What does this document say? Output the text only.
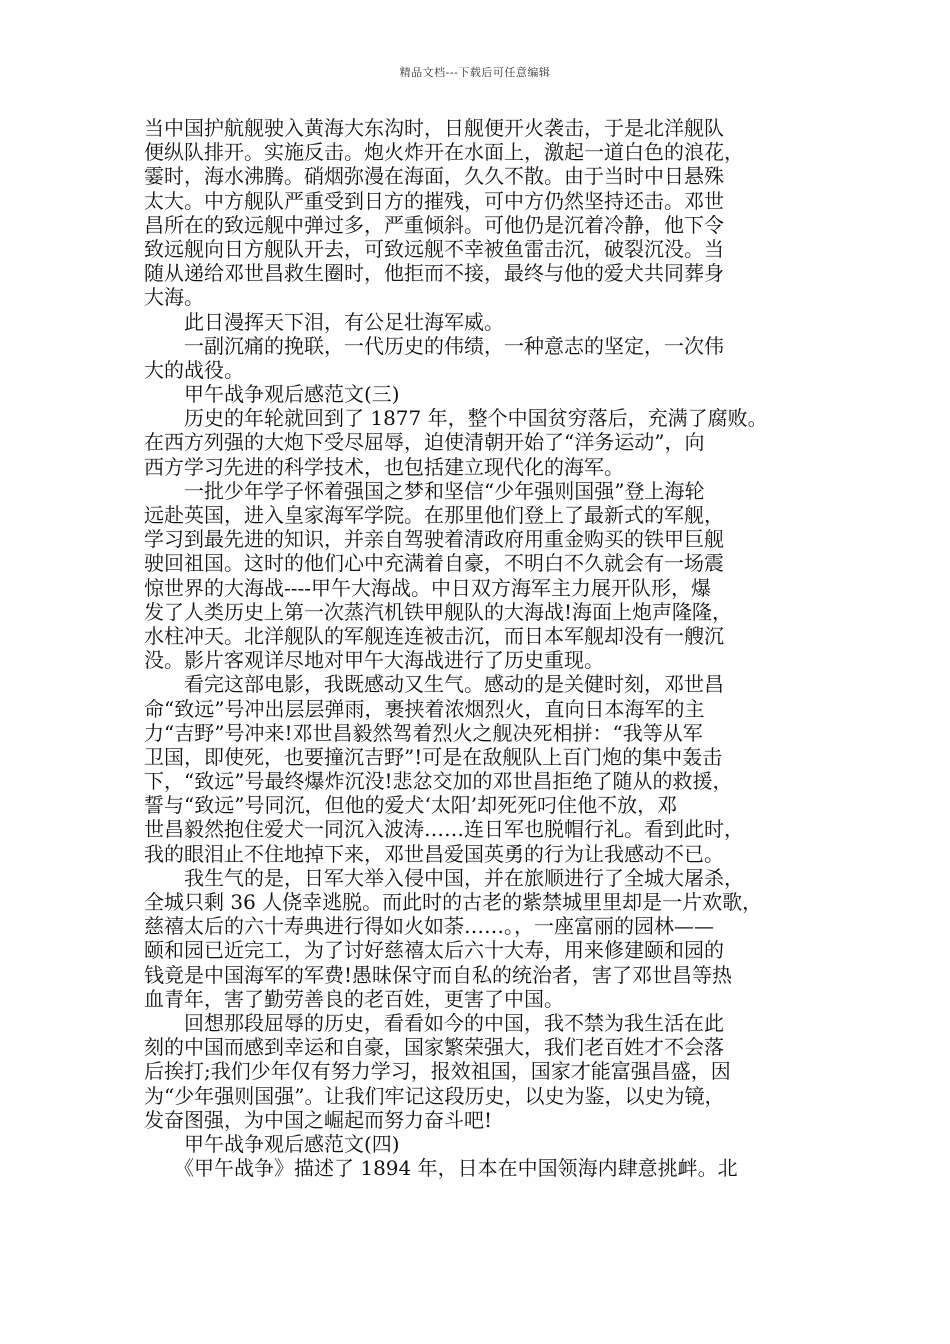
精品文档---下载后可任意编辑
当中国护航舰驶入黄海大东沟时，日舰便开火袭击，于是北洋舰队
便纵队排开。实施反击。炮火炸开在水面上，激起一道白色的浪花，
霎时，海水沸腾。硝烟弥漫在海面，久久不散。由于当时中日悬殊
太大。中方舰队严重受到日方的摧残，可中方仍然坚持还击。邓世
昌所在的致远舰中弹过多，严重倾斜。可他仍是沉着冷静，他下令
致远舰向日方舰队开去，可致远舰不幸被鱼雷击沉，破裂沉没。当
随从递给邓世昌救生圈时，他拒而不接，最终与他的爱犬共同葬身
大海。
　　此日漫挥天下泪，有公足壮海军威。
　　一副沉痛的挽联，一代历史的伟绩，一种意志的坚定，一次伟
大的战役。
　　甲午战争观后感范文(三)
　　历史的年轮就回到了 1877 年，整个中国贫穷落后，充满了腐败。
在西方列强的大炮下受尽屈辱，迫使清朝开始了“洋务运动”，向
西方学习先进的科学技术，也包括建立现代化的海军。
　　一批少年学子怀着强国之梦和坚信“少年强则国强”登上海轮
远赴英国，进入皇家海军学院。在那里他们登上了最新式的军舰，
学习到最先进的知识，并亲自驾驶着清政府用重金购买的铁甲巨舰
驶回祖国。这时的他们心中充满着自豪，不明白不久就会有一场震
惊世界的大海战----甲午大海战。中日双方海军主力展开队形，爆
发了人类历史上第一次蒸汽机铁甲舰队的大海战!海面上炮声隆隆，
水柱冲天。北洋舰队的军舰连连被击沉，而日本军舰却没有一艘沉
没。影片客观详尽地对甲午大海战进行了历史重现。
　　看完这部电影，我既感动又生气。感动的是关健时刻，邓世昌
命“致远”号冲出层层弹雨，裹挟着浓烟烈火，直向日本海军的主
力“吉野”号冲来!邓世昌毅然驾着烈火之舰决死相拼：“我等从军
卫国，即使死，也要撞沉吉野”!可是在敌舰队上百门炮的集中轰击
下，“致远”号最终爆炸沉没!悲忿交加的邓世昌拒绝了随从的救援，
誓与“致远”号同沉，但他的爱犬‘太阳’却死死叼住他不放，邓
世昌毅然抱住爱犬一同沉入波涛……连日军也脱帽行礼。看到此时，
我的眼泪止不住地掉下来，邓世昌爱国英勇的行为让我感动不已。
　　我生气的是，日军大举入侵中国，并在旅顺进行了全城大屠杀，
全城只剩 36 人侥幸逃脱。而此时的古老的紫禁城里里却是一片欢歌，
慈禧太后的六十寿典进行得如火如荼……。，一座富丽的园林——
颐和园已近完工，为了讨好慈禧太后六十大寿，用来修建颐和园的
钱竟是中国海军的军费!愚昧保守而自私的统治者，害了邓世昌等热
血青年，害了勤劳善良的老百姓，更害了中国。
　　回想那段屈辱的历史，看看如今的中国，我不禁为我生活在此
刻的中国而感到幸运和自豪，国家繁荣强大，我们老百姓才不会落
后挨打;我们少年仅有努力学习，报效祖国，国家才能富强昌盛，因
为“少年强则国强”。让我们牢记这段历史，以史为鉴，以史为镜，
发奋图强，为中国之崛起而努力奋斗吧!
　　甲午战争观后感范文(四)
　　《甲午战争》描述了 1894 年，日本在中国领海内肆意挑衅。北
